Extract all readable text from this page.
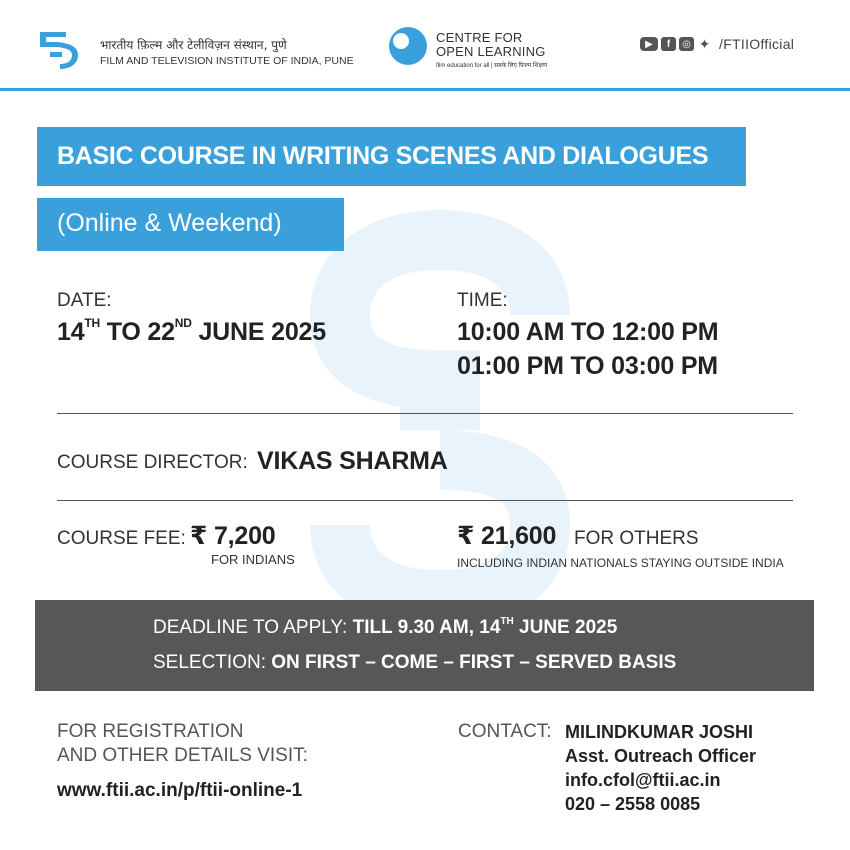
भारतीय फ़िल्म और टेलीविज़न संस्थान, पुणे
FILM AND TELEVISION INSTITUTE OF INDIA, PUNE
CENTRE FOR
OPEN LEARNING
film education for all | सबके लिए फ़िल्म शिक्षण
▶	f	◎ ✦ /FTIIOfficial
BASIC COURSE IN WRITING SCENES AND DIALOGUES
(Online & Weekend)
DATE:
14TH TO 22ND JUNE 2025
TIME:
10:00 AM TO 12:00 PM
01:00 PM TO 03:00 PM
COURSE DIRECTOR: VIKAS SHARMA
COURSE FEE: ₹ 7,200
FOR INDIANS
₹ 21,600 FOR OTHERS
INCLUDING INDIAN NATIONALS STAYING OUTSIDE INDIA
DEADLINE TO APPLY: TILL 9.30 AM, 14TH JUNE 2025
SELECTION: ON FIRST – COME – FIRST – SERVED BASIS
FOR REGISTRATION
AND OTHER DETAILS VISIT:
www.ftii.ac.in/p/ftii-online-1
CONTACT: MILINDKUMAR JOSHI
Asst. Outreach Officer
info.cfol@ftii.ac.in
020 – 2558 0085
